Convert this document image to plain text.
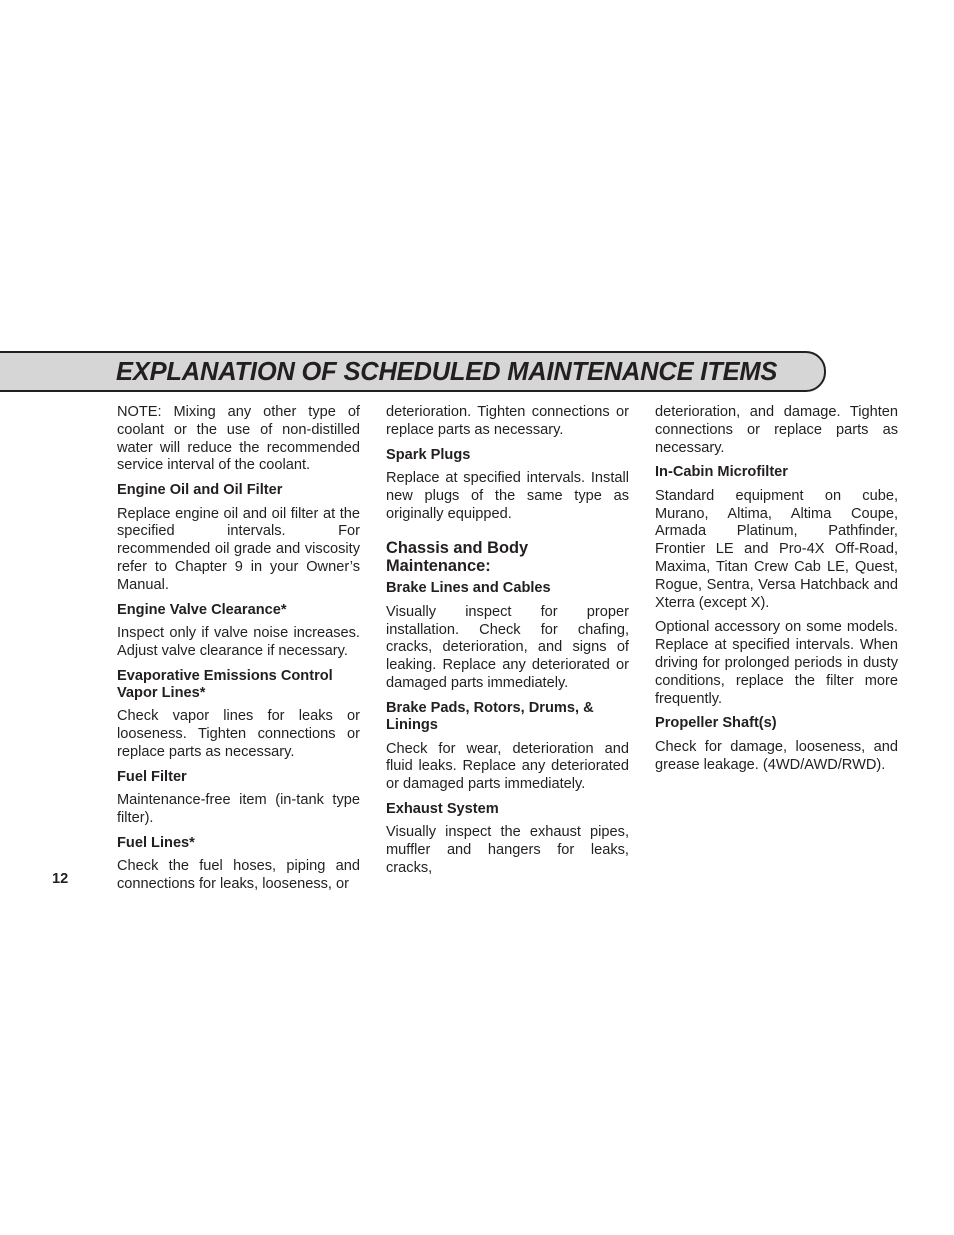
EXPLANATION OF SCHEDULED MAINTENANCE ITEMS

NOTE: Mixing any other type of coolant or the use of non-distilled water will reduce the recommended service interval of the coolant.

Engine Oil and Oil Filter

Replace engine oil and oil filter at the specified intervals. For recommended oil grade and viscosity refer to Chapter 9 in your Owner’s Manual.

Engine Valve Clearance*

Inspect only if valve noise increases. Adjust valve clearance if necessary.

Evaporative Emissions Control Vapor Lines*

Check vapor lines for leaks or looseness. Tighten connections or replace parts as necessary.

Fuel Filter

Maintenance-free item (in-tank type filter).

Fuel Lines*

Check the fuel hoses, piping and connections for leaks, looseness, or

deterioration. Tighten connections or replace parts as necessary.

Spark Plugs

Replace at specified intervals. Install new plugs of the same type as originally equipped.

Chassis and Body Maintenance:
Brake Lines and Cables

Visually inspect for proper installation. Check for chafing, cracks, deterioration, and signs of leaking. Replace any deteriorated or damaged parts immediately.

Brake Pads, Rotors, Drums, & Linings

Check for wear, deterioration and fluid leaks. Replace any deteriorated or damaged parts immediately.

Exhaust System

Visually inspect the exhaust pipes, muffler and hangers for leaks, cracks,

deterioration, and damage. Tighten connections or replace parts as necessary.

In-Cabin Microfilter

Standard equipment on cube, Murano, Altima, Altima Coupe, Armada Platinum, Pathfinder, Frontier LE and Pro-4X Off-Road, Maxima, Titan Crew Cab LE, Quest, Rogue, Sentra, Versa Hatchback and Xterra (except X).

Optional accessory on some models. Replace at specified intervals. When driving for prolonged periods in dusty conditions, replace the filter more frequently.

Propeller Shaft(s)

Check for damage, looseness, and grease leakage. (4WD/AWD/RWD).

12
